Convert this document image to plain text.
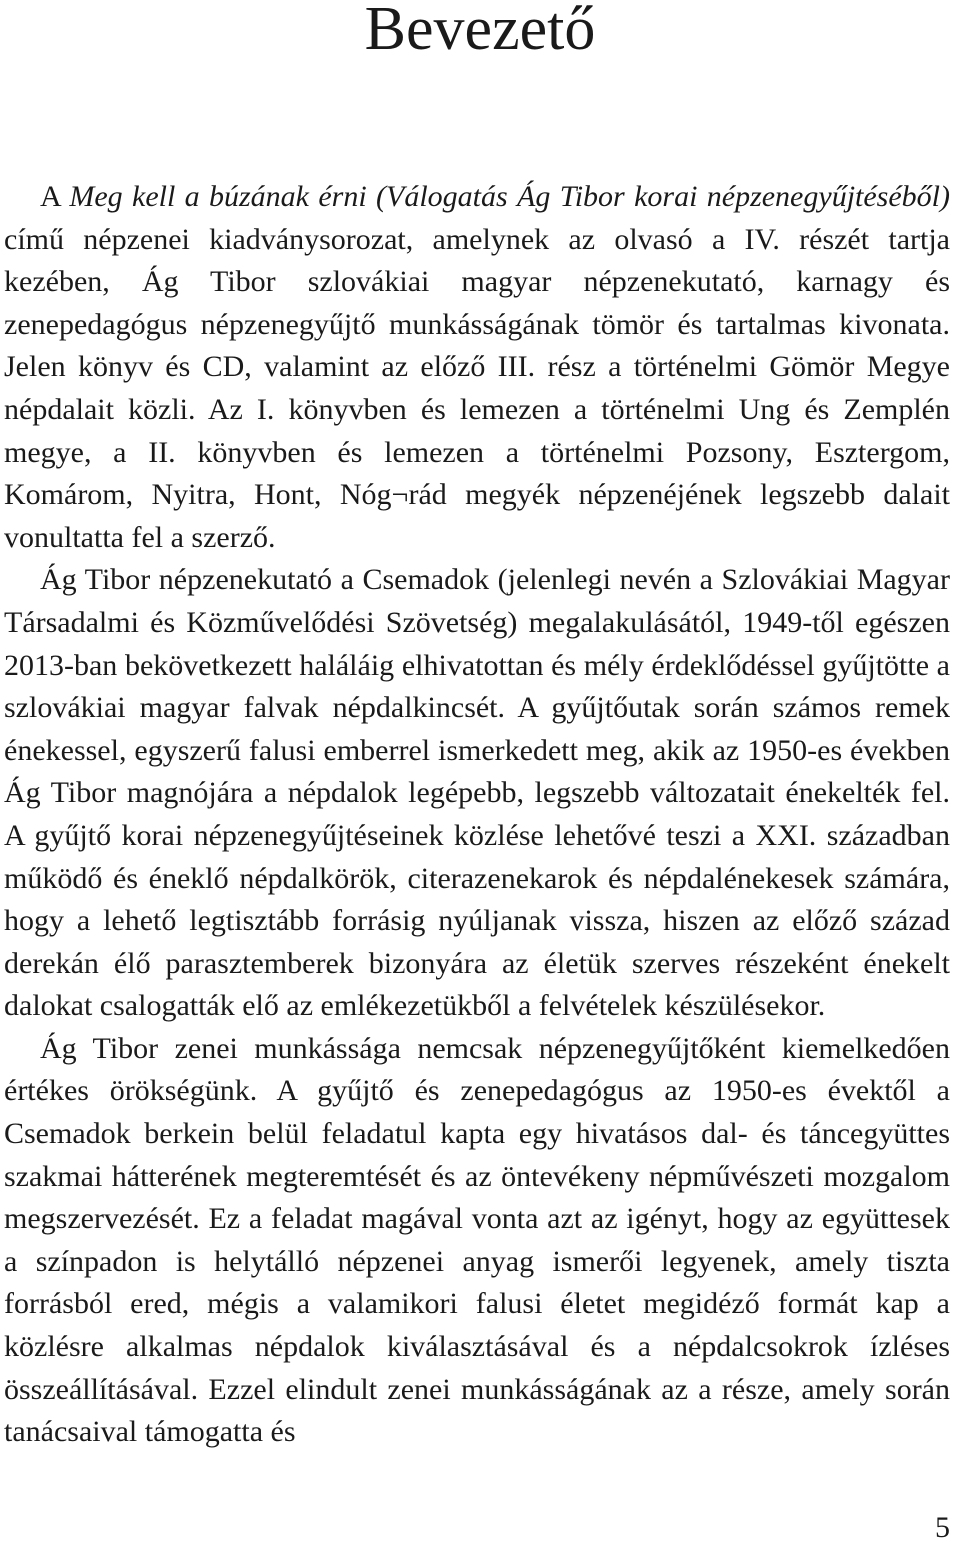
Bevezető

A Meg kell a búzának érni (Válogatás Ág Tibor korai népzenegyűjtéséből) című népzenei kiadványsorozat, amelynek az olvasó a IV. részét tartja kezében, Ág Tibor szlovákiai magyar népzenekutató, karnagy és zenepedagógus népzenegyűjtő munkásságának tömör és tartalmas kivonata. Jelen könyv és CD, valamint az előző III. rész a történelmi Gömör Megye népdalait közli. Az I. könyvben és lemezen a történelmi Ung és Zemplén megye, a II. könyvben és lemezen a történelmi Pozsony, Esztergom, Komárom, Nyitra, Hont, Nóg¬rád megyék népzenéjének legszebb dalait vonultatta fel a szerző.

Ág Tibor népzenekutató a Csemadok (jelenlegi nevén a Szlovákiai Magyar Társadalmi és Közművelődési Szövetség) megalakulásától, 1949-től egészen 2013-ban bekövetkezett haláláig elhivatottan és mély érdeklődéssel gyűjtötte a szlovákiai magyar falvak népdalkincsét. A gyűjtőutak során számos remek énekessel, egyszerű falusi emberrel ismerkedett meg, akik az 1950-es években Ág Tibor magnójára a népdalok legépebb, legszebb változatait énekelték fel. A gyűjtő korai népzenegyűjtéseinek közlése lehetővé teszi a XXI. században működő és éneklő népdalkörök, citerazenekarok és népdalénekesek számára, hogy a lehető legtisztább forrásig nyúljanak vissza, hiszen az előző század derekán élő parasztemberek bizonyára az életük szerves részeként énekelt dalokat csalogatták elő az emlékezetükből a felvételek készülésekor.

Ág Tibor zenei munkássága nemcsak népzenegyűjtőként kiemelkedően értékes örökségünk. A gyűjtő és zenepedagógus az 1950-es évektől a Csemadok berkein belül feladatul kapta egy hivatásos dal- és táncegyüttes szakmai hátterének megteremtését és az öntevékeny népművészeti mozgalom megszervezését. Ez a feladat magával vonta azt az igényt, hogy az együttesek a színpadon is helytálló népzenei anyag ismerői legyenek, amely tiszta forrásból ered, mégis a valamikori falusi életet megidéző formát kap a közlésre alkalmas népdalok kiválasztásával és a népdalcsokrok ízléses összeállításával. Ezzel elindult zenei munkásságának az a része, amely során tanácsaival támogatta és

5
